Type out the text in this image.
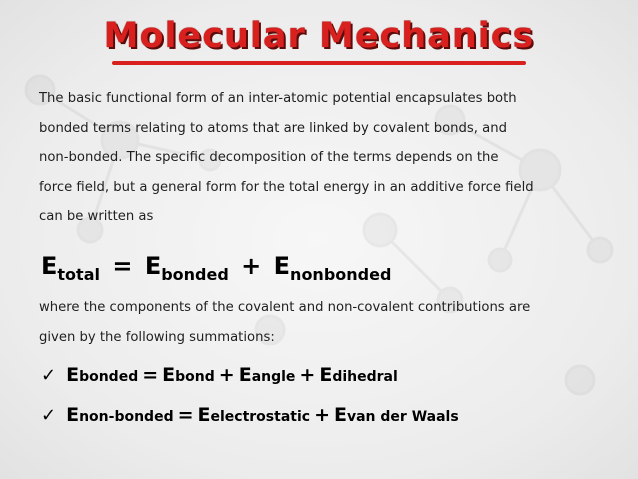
Molecular Mechanics

The basic functional form of an inter-atomic potential encapsulates both

bonded terms relating to atoms that are linked by covalent bonds, and

non-bonded. The specific decomposition of the terms depends on the

force field, but a general form for the total energy in an additive force field

can be written as

$E_{total} = E_{bonded} + E_{nonbonded}$

where the components of the covalent and non-covalent contributions are

given by the following summations:

✓ E bonded = E bond + E angle + E dihedral
✓ E non-bonded = E electrostatic + E van der Waals
